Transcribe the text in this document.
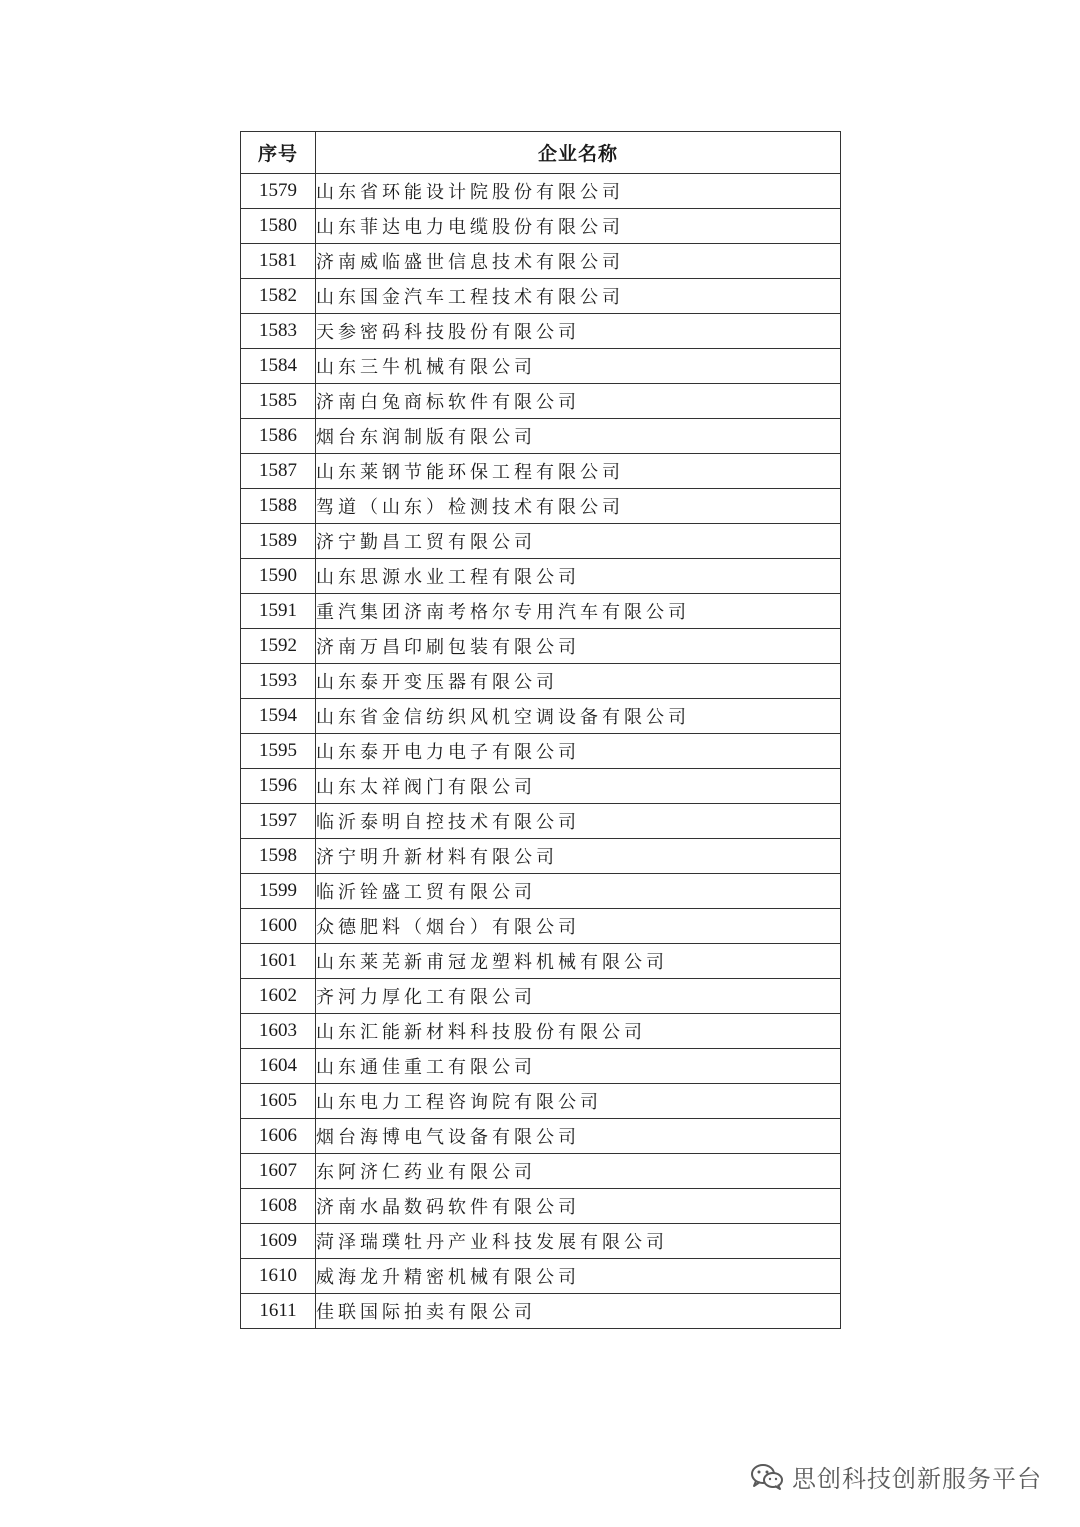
序号	企业名称
1579	山东省环能设计院股份有限公司
1580	山东菲达电力电缆股份有限公司
1581	济南威临盛世信息技术有限公司
1582	山东国金汽车工程技术有限公司
1583	天参密码科技股份有限公司
1584	山东三牛机械有限公司
1585	济南白兔商标软件有限公司
1586	烟台东润制版有限公司
1587	山东莱钢节能环保工程有限公司
1588	驾道（山东）检测技术有限公司
1589	济宁勤昌工贸有限公司
1590	山东思源水业工程有限公司
1591	重汽集团济南考格尔专用汽车有限公司
1592	济南万昌印刷包装有限公司
1593	山东泰开变压器有限公司
1594	山东省金信纺织风机空调设备有限公司
1595	山东泰开电力电子有限公司
1596	山东太祥阀门有限公司
1597	临沂泰明自控技术有限公司
1598	济宁明升新材料有限公司
1599	临沂铨盛工贸有限公司
1600	众德肥料（烟台）有限公司
1601	山东莱芜新甫冠龙塑料机械有限公司
1602	齐河力厚化工有限公司
1603	山东汇能新材料科技股份有限公司
1604	山东通佳重工有限公司
1605	山东电力工程咨询院有限公司
1606	烟台海博电气设备有限公司
1607	东阿济仁药业有限公司
1608	济南水晶数码软件有限公司
1609	菏泽瑞璞牡丹产业科技发展有限公司
1610	威海龙升精密机械有限公司
1611	佳联国际拍卖有限公司
思创科技创新服务平台
